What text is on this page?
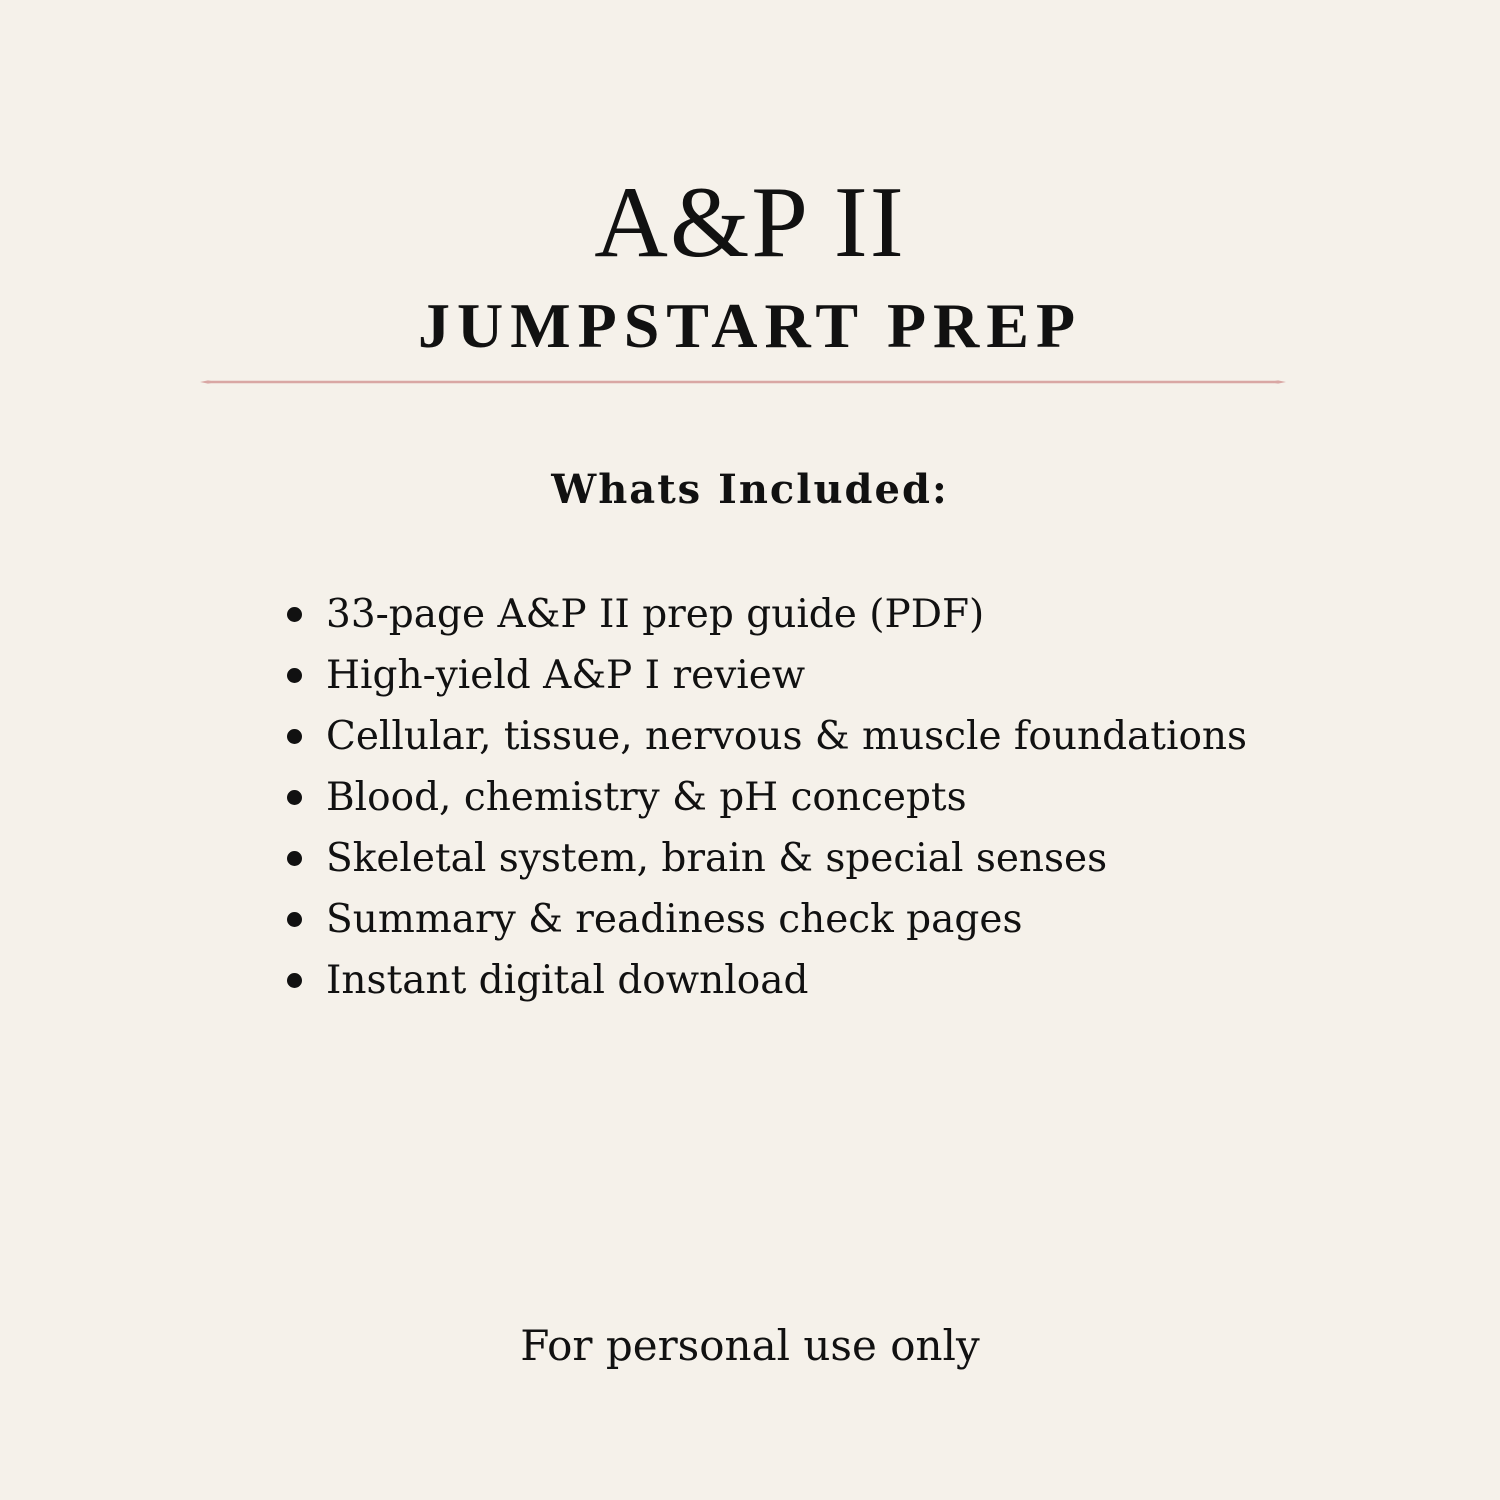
A&P II
JUMPSTART PREP
Whats Included:
33-page A&P II prep guide (PDF)
High-yield A&P I review
Cellular, tissue, nervous & muscle foundations
Blood, chemistry & pH concepts
Skeletal system, brain & special senses
Summary & readiness check pages
Instant digital download

For personal use only
